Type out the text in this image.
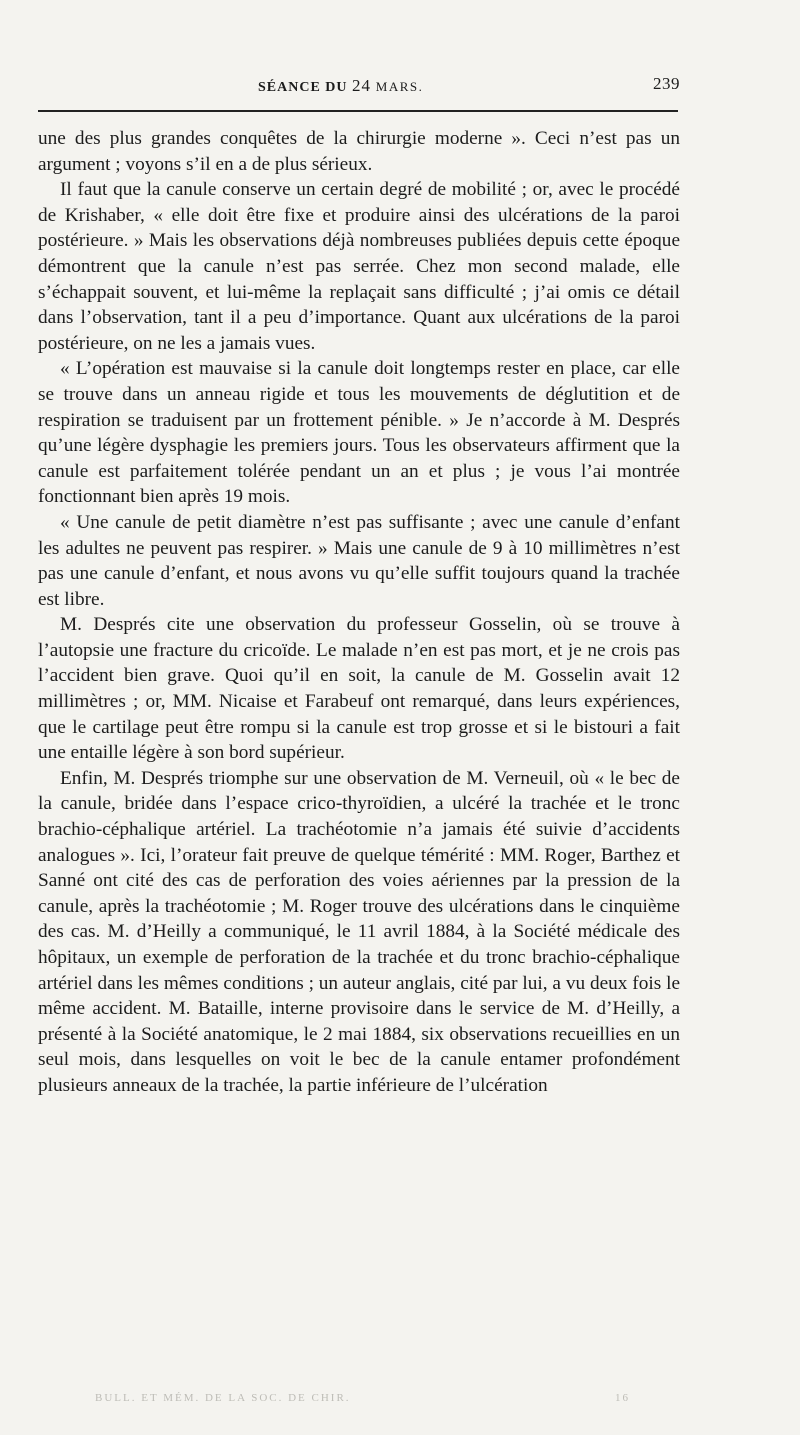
SÉANCE DU 24 MARS.	239

une des plus grandes conquêtes de la chirurgie moderne ». Ceci n’est pas un argument ; voyons s’il en a de plus sérieux.

Il faut que la canule conserve un certain degré de mobilité ; or, avec le procédé de Krishaber, « elle doit être fixe et produire ainsi des ulcérations de la paroi postérieure. » Mais les observations déjà nombreuses publiées depuis cette époque démontrent que la canule n’est pas serrée. Chez mon second malade, elle s’échappait souvent, et lui-même la replaçait sans difficulté ; j’ai omis ce détail dans l’observation, tant il a peu d’importance. Quant aux ulcérations de la paroi postérieure, on ne les a jamais vues.

« L’opération est mauvaise si la canule doit longtemps rester en place, car elle se trouve dans un anneau rigide et tous les mouvements de déglutition et de respiration se traduisent par un frottement pénible. » Je n’accorde à M. Després qu’une légère dysphagie les premiers jours. Tous les observateurs affirment que la canule est parfaitement tolérée pendant un an et plus ; je vous l’ai montrée fonctionnant bien après 19 mois.

« Une canule de petit diamètre n’est pas suffisante ; avec une canule d’enfant les adultes ne peuvent pas respirer. » Mais une canule de 9 à 10 millimètres n’est pas une canule d’enfant, et nous avons vu qu’elle suffit toujours quand la trachée est libre.

M. Després cite une observation du professeur Gosselin, où se trouve à l’autopsie une fracture du cricoïde. Le malade n’en est pas mort, et je ne crois pas l’accident bien grave. Quoi qu’il en soit, la canule de M. Gosselin avait 12 millimètres ; or, MM. Nicaise et Farabeuf ont remarqué, dans leurs expériences, que le cartilage peut être rompu si la canule est trop grosse et si le bistouri a fait une entaille légère à son bord supérieur.

Enfin, M. Després triomphe sur une observation de M. Verneuil, où « le bec de la canule, bridée dans l’espace crico-thyroïdien, a ulcéré la trachée et le tronc brachio-céphalique artériel. La trachéotomie n’a jamais été suivie d’accidents analogues ». Ici, l’orateur fait preuve de quelque témérité : MM. Roger, Barthez et Sanné ont cité des cas de perforation des voies aériennes par la pression de la canule, après la trachéotomie ; M. Roger trouve des ulcérations dans le cinquième des cas. M. d’Heilly a communiqué, le 11 avril 1884, à la Société médicale des hôpitaux, un exemple de perforation de la trachée et du tronc brachio-céphalique artériel dans les mêmes conditions ; un auteur anglais, cité par lui, a vu deux fois le même accident. M. Bataille, interne provisoire dans le service de M. d’Heilly, a présenté à la Société anatomique, le 2 mai 1884, six observations recueillies en un seul mois, dans lesquelles on voit le bec de la canule entamer profondément plusieurs anneaux de la trachée, la partie inférieure de l’ulcération

BULL. ET MÉM. DE LA SOC. DE CHIR.	16
